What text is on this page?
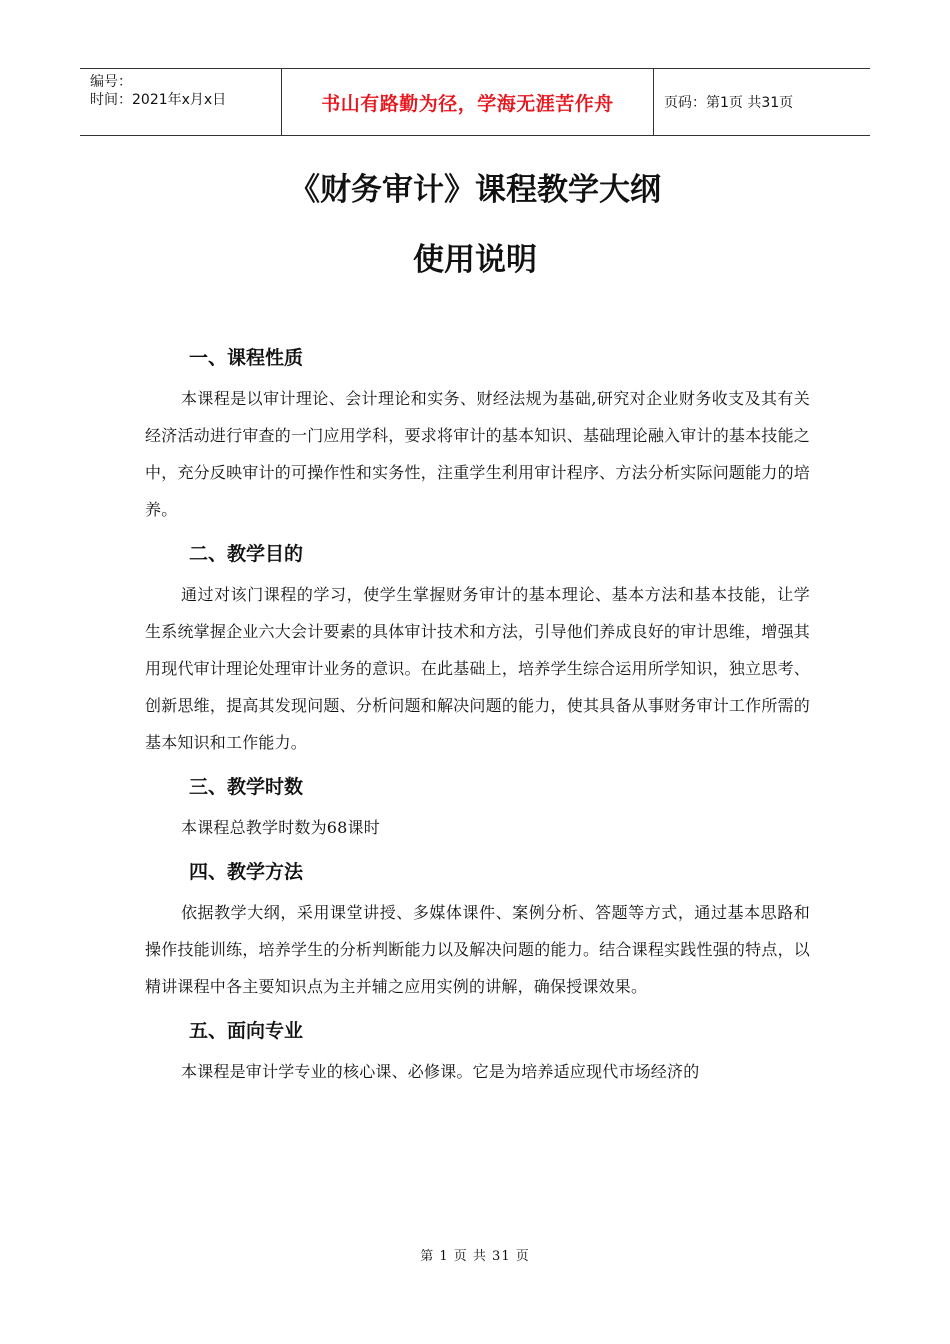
编号：
时间：2021年x月x日	书山有路勤为径，学海无涯苦作舟	页码：第1页 共31页
《财务审计》课程教学大纲
使用说明
一、课程性质

本课程是以审计理论、会计理论和实务、财经法规为基础,研究对企业财务收支及其有关经济活动进行审查的一门应用学科，要求将审计的基本知识、基础理论融入审计的基本技能之中，充分反映审计的可操作性和实务性，注重学生利用审计程序、方法分析实际问题能力的培养。

二、教学目的

通过对该门课程的学习，使学生掌握财务审计的基本理论、基本方法和基本技能，让学生系统掌握企业六大会计要素的具体审计技术和方法，引导他们养成良好的审计思维，增强其用现代审计理论处理审计业务的意识。在此基础上，培养学生综合运用所学知识，独立思考、创新思维，提高其发现问题、分析问题和解决问题的能力，使其具备从事财务审计工作所需的基本知识和工作能力。

三、教学时数

本课程总教学时数为68课时

四、教学方法

依据教学大纲，采用课堂讲授、多媒体课件、案例分析、答题等方式，通过基本思路和操作技能训练，培养学生的分析判断能力以及解决问题的能力。结合课程实践性强的特点，以精讲课程中各主要知识点为主并辅之应用实例的讲解，确保授课效果。

五、面向专业

本课程是审计学专业的核心课、必修课。它是为培养适应现代市场经济的

第 1 页 共 31 页
